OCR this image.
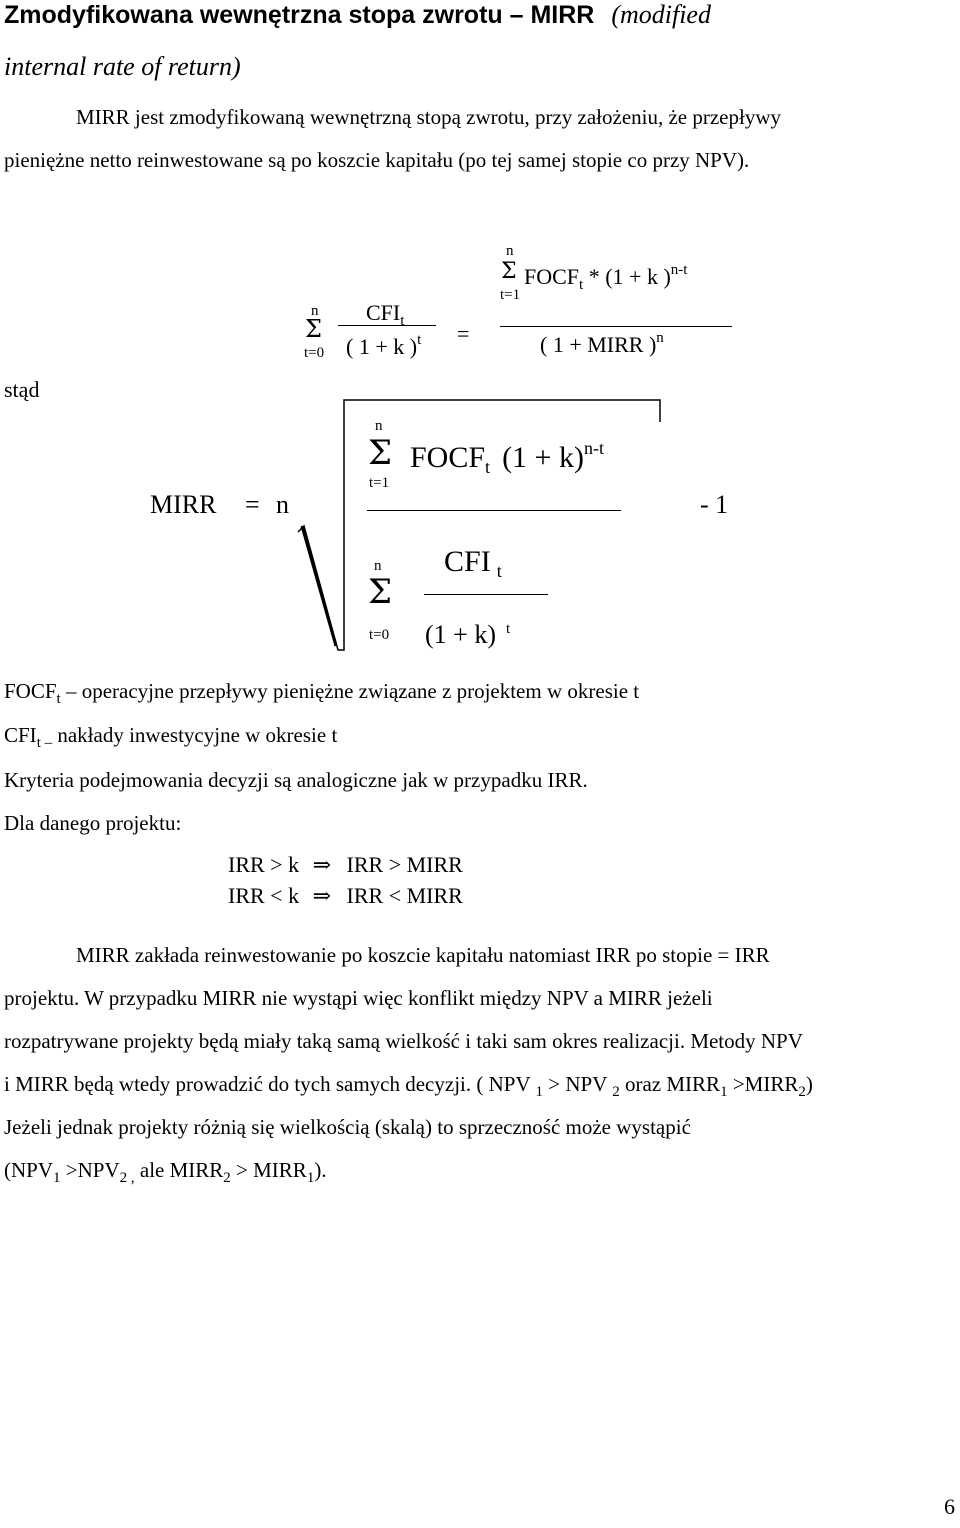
Zmodyfikowana wewnętrzna stopa zwrotu – MIRR (modified
internal rate of return)
MIRR jest zmodyfikowaną wewnętrzną stopą zwrotu, przy założeniu, że przepływy
pieniężne netto reinwestowane są po koszcie kapitału (po tej samej stopie co przy NPV).
stąd
n
Σ
t=0
$CFI_t$
( 1 + k )$^t$ =
n
Σ
t=1
$FOCF_t * (1 + k$ )$^{n-t}$
( 1 + MIRR )$^n$
MIRR = n
n
Σ
t=1
$FOCF_t$ $(1 + k)^{n-t}$
- 1
n
Σ
t=0
CFI $_t$
(1 + k) $^t$
$FOCF_t$ – operacyjne przepływy pieniężne związane z projektem w okresie t
$CFI_{t -}$ nakłady inwestycyjne w okresie t
Kryteria podejmowania decyzji są analogiczne jak w przypadku IRR.
Dla danego projektu:
IRR > k ⇒ IRR > MIRR
IRR < k ⇒ IRR < MIRR
MIRR zakłada reinwestowanie po koszcie kapitału natomiast IRR po stopie = IRR
projektu. W przypadku MIRR nie wystąpi więc konflikt między NPV a MIRR jeżeli
rozpatrywane projekty będą miały taką samą wielkość i taki sam okres realizacji. Metody NPV
i MIRR będą wtedy prowadzić do tych samych decyzji. ( NPV $_1$ > NPV $_2$ oraz $MIRR_1$ $>MIRR_2$)
Jeżeli jednak projekty różnią się wielkością (skalą) to sprzeczność może wystąpić
($NPV_1 >NPV_{2 ,}$ ale $MIRR_2$ > $MIRR_1$).
6
